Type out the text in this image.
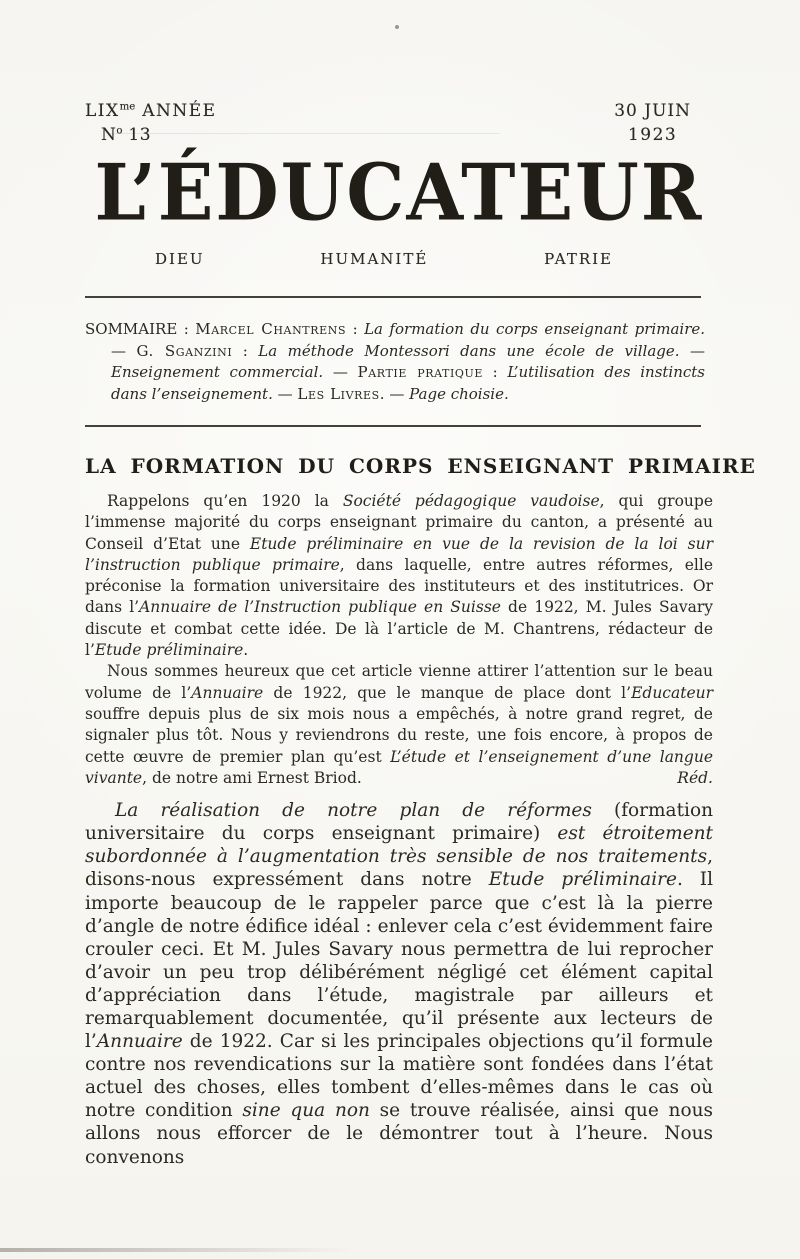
$LIX^{me}$ ANNÉE
$N^o$ 13
30 JUIN
1923
L’ÉDUCATEUR
DIEU	HUMANITÉ	PATRIE

SOMMAIRE : Marcel Chantrens : La formation du corps enseignant primaire. — G. Sganzini : La méthode Montessori dans une école de village. — Enseignement commercial. — Partie pratique : L’utilisation des instincts dans l’enseignement. — Les Livres. — Page choisie.

LA FORMATION DU CORPS ENSEIGNANT PRIMAIRE

Rappelons qu’en 1920 la Société pédagogique vaudoise, qui groupe l’immense majorité du corps enseignant primaire du canton, a présenté au Conseil d’Etat une Etude préliminaire en vue de la revision de la loi sur l’instruction publique primaire, dans laquelle, entre autres réformes, elle préconise la formation universitaire des instituteurs et des institutrices. Or dans l’Annuaire de l’Instruction publique en Suisse de 1922, M. Jules Savary discute et combat cette idée. De là l’article de M. Chantrens, rédacteur de l’Etude préliminaire.

Nous sommes heureux que cet article vienne attirer l’attention sur le beau volume de l’Annuaire de 1922, que le manque de place dont l’Educateur souffre depuis plus de six mois nous a empêchés, à notre grand regret, de signaler plus tôt. Nous y reviendrons du reste, une fois encore, à propos de cette œuvre de premier plan qu’est L’étude et l’enseignement d’une langue vivante, de notre ami Ernest Briod.	Réd.

La réalisation de notre plan de réformes (formation universitaire du corps enseignant primaire) est étroitement subordonnée à l’augmentation très sensible de nos traitements, disons-nous expressément dans notre Etude préliminaire. Il importe beaucoup de le rappeler parce que c’est là la pierre d’angle de notre édifice idéal : enlever cela c’est évidemment faire crouler ceci. Et M. Jules Savary nous permettra de lui reprocher d’avoir un peu trop délibérément négligé cet élément capital d’appréciation dans l’étude, magistrale par ailleurs et remarquablement documentée, qu’il présente aux lecteurs de l’Annuaire de 1922. Car si les principales objections qu’il formule contre nos revendications sur la matière sont fondées dans l’état actuel des choses, elles tombent d’elles-mêmes dans le cas où notre condition sine qua non se trouve réalisée, ainsi que nous allons nous efforcer de le démontrer tout à l’heure. Nous convenons
